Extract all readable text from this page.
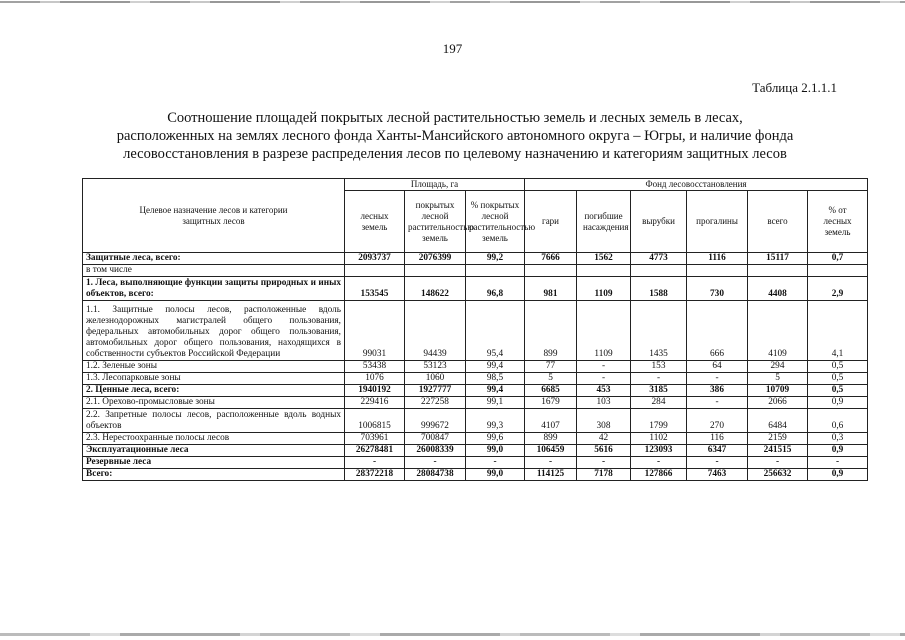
197
Таблица 2.1.1.1
Соотношение площадей покрытых лесной растительностью земель и лесных земель в лесах,
расположенных на землях лесного фонда Ханты-Мансийского автономного округа – Югры, и наличие фонда
лесовосстановления в разрезе распределения лесов по целевому назначению и категориям защитных лесов
Целевое назначение лесов и категории защитных лесов	Площадь, га			Фонд лесовосстановления					
	лесных земель	покрытых лесной растительностью земель	% покрытых лесной растительностью земель	гари	погибшие насаждения	вырубки	прогалины	всего	% от лесных земель
Защитные леса, всего:	2093737	2076399	99,2	7666	1562	4773	1116	15117	0,7
в том числе									
1. Леса, выполняющие функции защиты природных и иных объектов, всего:	153545	148622	96,8	981	1109	1588	730	4408	2,9
1.1. Защитные полосы лесов, расположенные вдоль железнодорожных магистралей общего пользования, федеральных автомобильных дорог общего пользования, автомобильных дорог общего пользования, находящихся в собственности субъектов Российской Федерации	99031	94439	95,4	899	1109	1435	666	4109	4,1
1.2. Зеленые зоны	53438	53123	99,4	77	-	153	64	294	0,5
1.3. Лесопарковые зоны	1076	1060	98,5	5	-	-	-	5	0,5
2. Ценные леса, всего:	1940192	1927777	99,4	6685	453	3185	386	10709	0,5
2.1. Орехово-промысловые зоны	229416	227258	99,1	1679	103	284	-	2066	0,9
2.2. Запретные полосы лесов, расположенные вдоль водных объектов	1006815	999672	99,3	4107	308	1799	270	6484	0,6
2.3. Нерестоохранные полосы лесов	703961	700847	99,6	899	42	1102	116	2159	0,3
Эксплуатационные леса	26278481	26008339	99,0	106459	5616	123093	6347	241515	0,9
Резервные леса	-	-	-	-	-	-	-	-	-
Всего:	28372218	28084738	99,0	114125	7178	127866	7463	256632	0,9
